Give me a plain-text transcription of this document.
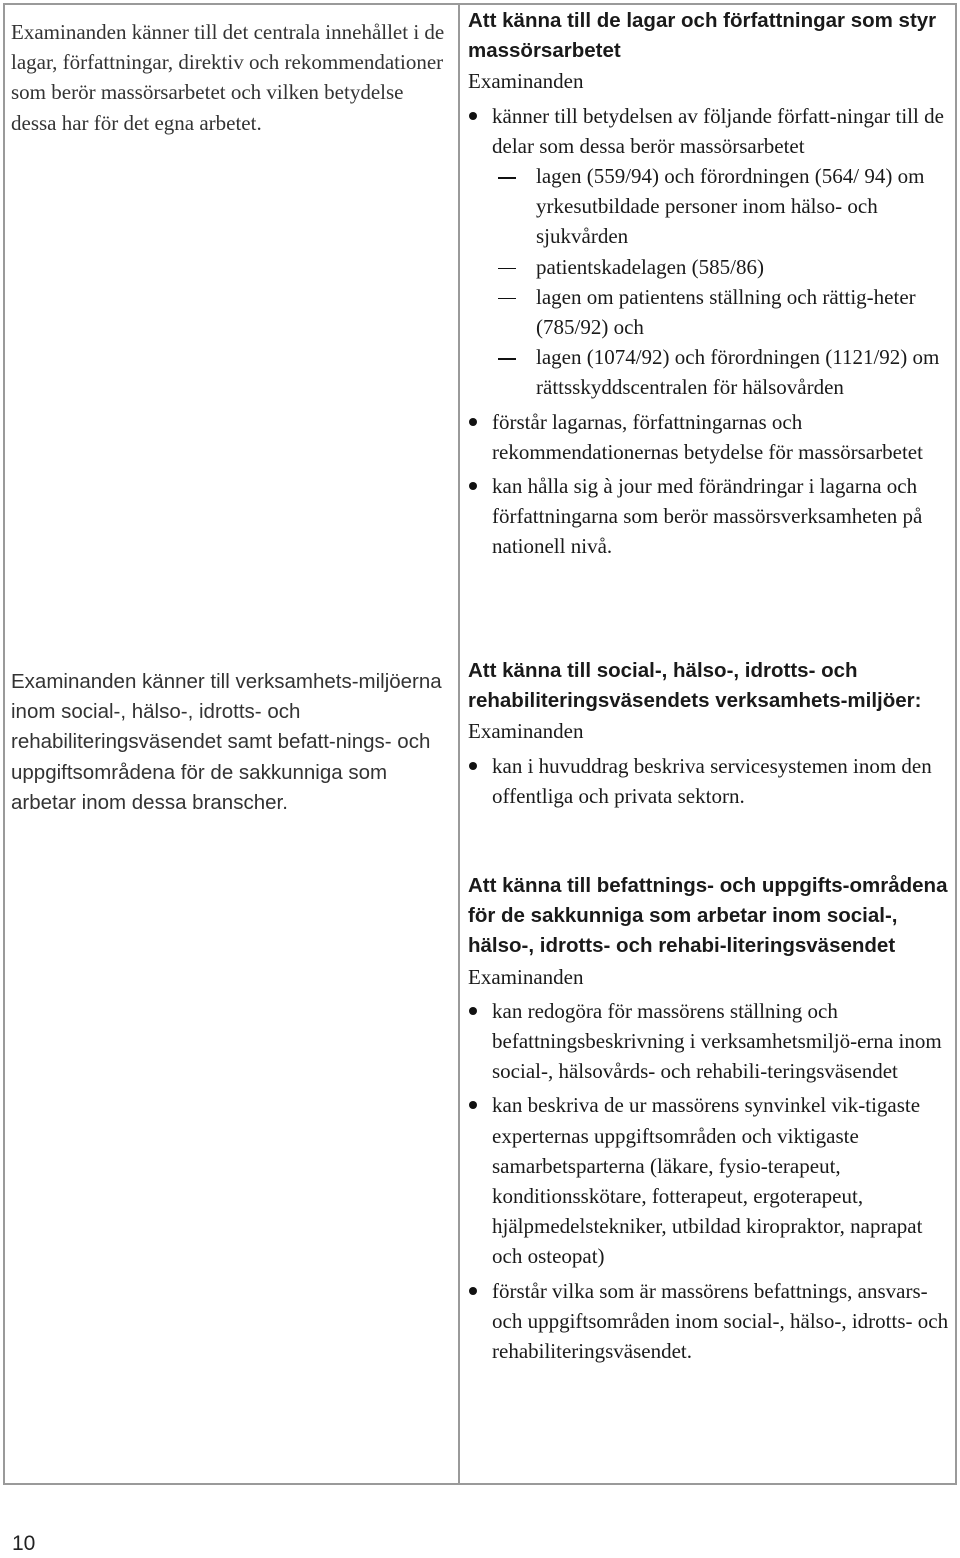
Examinanden känner till det centrala innehållet i de lagar, författningar, direktiv och rekommendationer som berör massörsarbetet och vilken betydelse dessa har för det egna arbetet.
Examinanden känner till verksamhets-miljöerna inom social-, hälso-, idrotts- och rehabiliteringsväsendet samt befatt-nings- och uppgiftsområdena för de sakkunniga som arbetar inom dessa branscher.
Att känna till de lagar och författningar som styr massörsarbetet
Examinanden
känner till betydelsen av följande författ-ningar till de delar som dessa berör massörsarbetet
lagen (559/94) och förordningen (564/ 94) om yrkesutbildade personer inom hälso- och sjukvården
patientskadelagen (585/86)
lagen om patientens ställning och rättig-heter (785/92) och
lagen (1074/92) och förordningen (1121/92) om rättsskyddscentralen för hälsovården
förstår lagarnas, författningarnas och rekommendationernas betydelse för massörsarbetet
kan hålla sig à jour med förändringar i lagarna och författningarna som berör massörsverksamheten på nationell nivå.
Att känna till social-, hälso-, idrotts- och rehabiliteringsväsendets verksamhets-miljöer:
Examinanden
kan i huvuddrag beskriva servicesystemen inom den offentliga och privata sektorn.
Att känna till befattnings- och uppgifts-områdena för de sakkunniga som arbetar inom social-, hälso-, idrotts- och rehabi-literingsväsendet
Examinanden
kan redogöra för massörens ställning och befattningsbeskrivning i verksamhetsmiljö-erna inom social-, hälsovårds- och rehabili-teringsväsendet
kan beskriva de ur massörens synvinkel vik-tigaste experternas uppgiftsområden och viktigaste samarbetsparterna (läkare, fysio-terapeut, konditionsskötare, fotterapeut, ergoterapeut, hjälpmedelstekniker, utbildad kiropraktor, naprapat och osteopat)
förstår vilka som är massörens befattnings, ansvars- och uppgiftsområden inom social-, hälso-, idrotts- och rehabiliteringsväsendet.
10
